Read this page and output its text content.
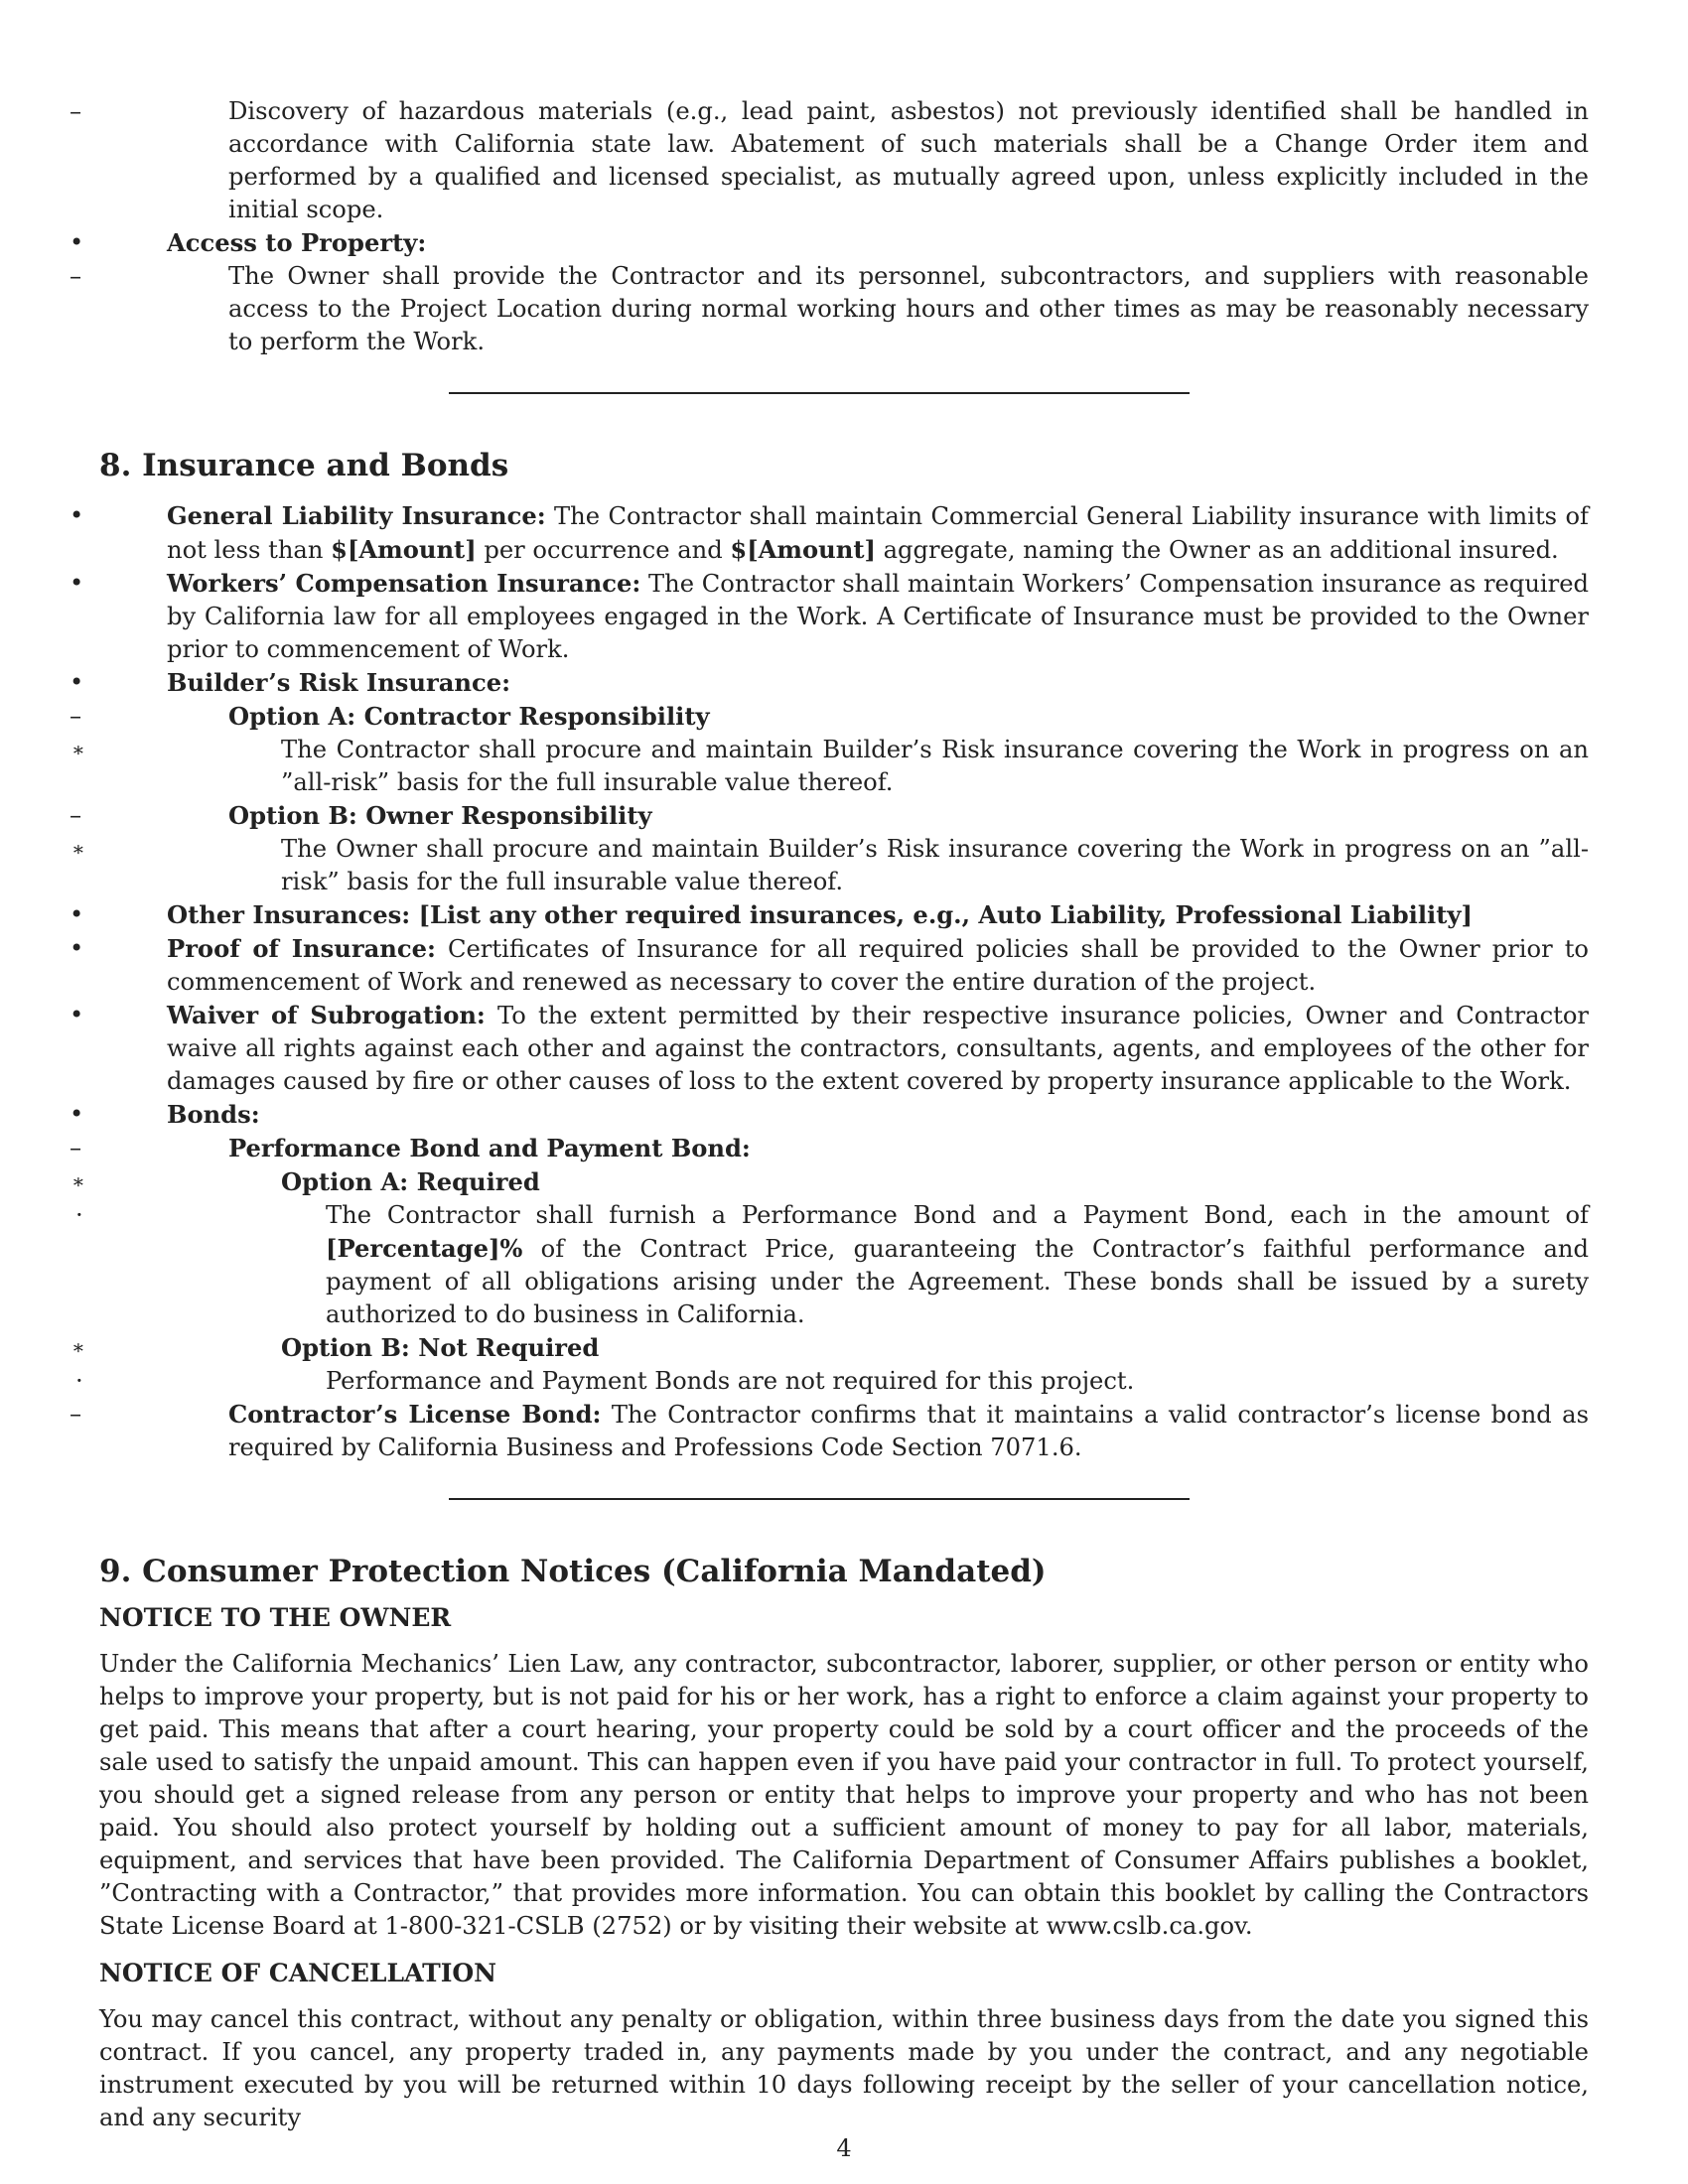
–	Discovery of hazardous materials (e.g., lead paint, asbestos) not previously identified shall be handled in accordance with California state law. Abatement of such materials shall be a Change Order item and performed by a qualified and licensed specialist, as mutually agreed upon, unless explicitly included in the initial scope.
•	Access to Property:
–	The Owner shall provide the Contractor and its personnel, subcontractors, and suppliers with reasonable access to the Project Location during normal working hours and other times as may be reasonably necessary to perform the Work.
8. Insurance and Bonds
•	General Liability Insurance: The Contractor shall maintain Commercial General Liability insurance with limits of not less than $[Amount] per occurrence and $[Amount] aggregate, naming the Owner as an additional insured.
•	Workers’ Compensation Insurance: The Contractor shall maintain Workers’ Compensation insurance as required by California law for all employees engaged in the Work. A Certificate of Insurance must be provided to the Owner prior to commencement of Work.
•	Builder’s Risk Insurance:
–	Option A: Contractor Responsibility
∗	The Contractor shall procure and maintain Builder’s Risk insurance covering the Work in progress on an ”all-risk” basis for the full insurable value thereof.
–	Option B: Owner Responsibility
∗	The Owner shall procure and maintain Builder’s Risk insurance covering the Work in progress on an ”all-risk” basis for the full insurable value thereof.
•	Other Insurances: [List any other required insurances, e.g., Auto Liability, Professional Liability]
•	Proof of Insurance: Certificates of Insurance for all required policies shall be provided to the Owner prior to commencement of Work and renewed as necessary to cover the entire duration of the project.
•	Waiver of Subrogation: To the extent permitted by their respective insurance policies, Owner and Contractor waive all rights against each other and against the contractors, consultants, agents, and employees of the other for damages caused by fire or other causes of loss to the extent covered by property insurance applicable to the Work.
•	Bonds:
–	Performance Bond and Payment Bond:
∗	Option A: Required
·	The Contractor shall furnish a Performance Bond and a Payment Bond, each in the amount of [Percentage]% of the Contract Price, guaranteeing the Contractor’s faithful performance and payment of all obligations arising under the Agreement. These bonds shall be issued by a surety authorized to do business in California.
∗	Option B: Not Required
·	Performance and Payment Bonds are not required for this project.
–	Contractor’s License Bond: The Contractor confirms that it maintains a valid contractor’s license bond as required by California Business and Professions Code Section 7071.6.
9. Consumer Protection Notices (California Mandated)
NOTICE TO THE OWNER

Under the California Mechanics’ Lien Law, any contractor, subcontractor, laborer, supplier, or other person or entity who helps to improve your property, but is not paid for his or her work, has a right to enforce a claim against your property to get paid. This means that after a court hearing, your property could be sold by a court officer and the proceeds of the sale used to satisfy the unpaid amount. This can happen even if you have paid your contractor in full. To protect yourself, you should get a signed release from any person or entity that helps to improve your property and who has not been paid. You should also protect yourself by holding out a sufficient amount of money to pay for all labor, materials, equipment, and services that have been provided. The California Department of Consumer Affairs publishes a booklet, ”Contracting with a Contractor,” that provides more information. You can obtain this booklet by calling the Contractors State License Board at 1-800-321-CSLB (2752) or by visiting their website at www.cslb.ca.gov.

NOTICE OF CANCELLATION

You may cancel this contract, without any penalty or obligation, within three business days from the date you signed this contract. If you cancel, any property traded in, any payments made by you under the contract, and any negotiable instrument executed by you will be returned within 10 days following receipt by the seller of your cancellation notice, and any security

4
